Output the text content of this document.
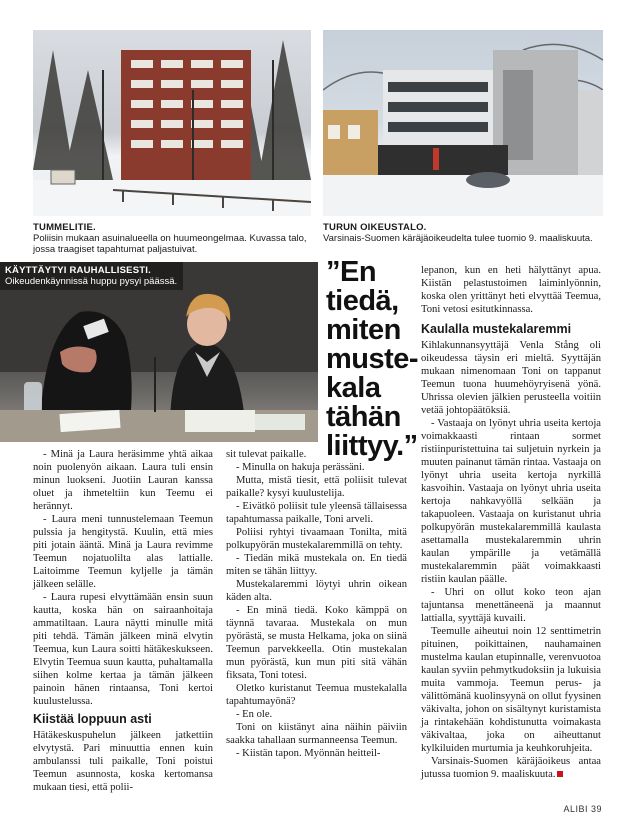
TUMMELITIE.
Poliisin mukaan asuinalueella on huumeongelmaa. Kuvassa talo, jossa traagiset tapahtumat paljastuivat.
TURUN OIKEUSTALO.
Varsinais-Suomen käräjäoikeudelta tulee tuomio 9. maaliskuuta.
KÄYTTÄYTYI RAUHALLISESTI.
Oikeudenkäynnissä huppu pysyi päässä.	”En tiedä, miten mustekala tähän liittyy.”

- Minä ja Laura heräsimme yhtä aikaa noin puolenyön aikaan. Laura tuli ensin minun luokseni. Juotiin Lauran kanssa oluet ja ihmeteltiin kun Teemu ei herännyt.

- Laura meni tunnustelemaan Teemun pulssia ja hengitystä. Kuulin, että mies piti jotain ääntä. Minä ja Laura revimme Teemun nojatuolilta alas lattialle. Laitoimme Teemun kyljelle ja tämän jälkeen selälle.

- Laura rupesi elvyttämään ensin suun kautta, koska hän on sairaanhoitaja ammatiltaan. Laura näytti minulle mitä piti tehdä. Tämän jälkeen minä elvytin Teemua, kun Laura soitti hätäkeskukseen. Elvytin Teemua suun kautta, puhaltamalla siihen kolme kertaa ja tämän jälkeen painoin hänen rintaansa, Toni kertoi kuulustelussa.

Kiistää loppuun asti

Hätäkeskuspuhelun jälkeen jatkettiin elvytystä. Pari minuuttia ennen kuin ambulanssi tuli paikalle, Toni poistui Teemun asunnosta, koska kertomansa mukaan tiesi, että polii-

sit tulevat paikalle.

- Minulla on hakuja perässäni.

Mutta, mistä tiesit, että poliisit tulevat paikalle? kysyi kuulustelija.

- Eivätkö poliisit tule yleensä tällaisessa tapahtumassa paikalle, Toni arveli.

Poliisi ryhtyi tivaamaan Tonilta, mitä polkupyörän mustekalaremmillä on tehty.

- Tiedän mikä mustekala on. En tiedä miten se tähän liittyy.

Mustekalaremmi löytyi uhrin oikean käden alta.

- En minä tiedä. Koko kämppä on täynnä tavaraa. Mustekala on mun pyörästä, se musta Helkama, joka on siinä Teemun parvekkeella. Otin mustekalan mun pyörästä, kun mun piti sitä vähän fiksata, Toni totesi.

Oletko kuristanut Teemua mustekalalla tapahtumayönä?

- En ole.

Toni on kiistänyt aina näihin päiviin saakka tahallaan surmanneensa Teemun.

- Kiistän tapon. Myönnän heitteil-

lepanon, kun en heti hälyttänyt apua. Kiistän pelastustoimen laiminlyönnin, koska olen yrittänyt heti elvyttää Teemua, Toni vetosi esitutkinnassa.

Kaulalla mustekalaremmi

Kihlakunnansyyttäjä Venla Stång oli oikeudessa täysin eri mieltä. Syyttäjän mukaan nimenomaan Toni on tappanut Teemun tuona huumehöyryisenä yönä. Uhrissa olevien jälkien perusteella voitiin vetää johtopäätöksiä.

- Vastaaja on lyönyt uhria useita kertoja voimakkaasti rintaan sormet ristiinpuristettuina tai suljetuin nyrkein ja muuten painanut tämän rintaa. Vastaaja on lyönyt uhria useita kertoja nyrkillä kasvoihin. Vastaaja on lyönyt uhria useita kertoja nahkavyöllä selkään ja takapuoleen. Vastaaja on kuristanut uhria polkupyörän mustekalaremmillä kaulasta asettamalla mustekalaremmin uhrin kaulan ympärille ja vetämällä mustekalaremmin päät voimakkaasti ristiin kaulan päälle.

- Uhri on ollut koko teon ajan tajuntansa menettäneenä ja maannut lattialla, syyttäjä kuvaili.

Teemulle aiheutui noin 12 senttimetrin pituinen, poikittainen, nauhamainen mustelma kaulan etupinnalle, verenvuotoa kaulan syviin pehmytkudoksiin ja lukuisia muita vammoja. Teemun perus- ja välittömänä kuolinsyynä on ollut fyysinen väkivalta, johon on sisältynyt kuristamista ja rintakehään kohdistunutta voimakasta väkivaltaa, joka on aiheuttanut kylkiluiden murtumia ja keuhkoruhjeita.

Varsinais-Suomen käräjäoikeus antaa jutussa tuomion 9. maaliskuuta.

ALIBI 39
